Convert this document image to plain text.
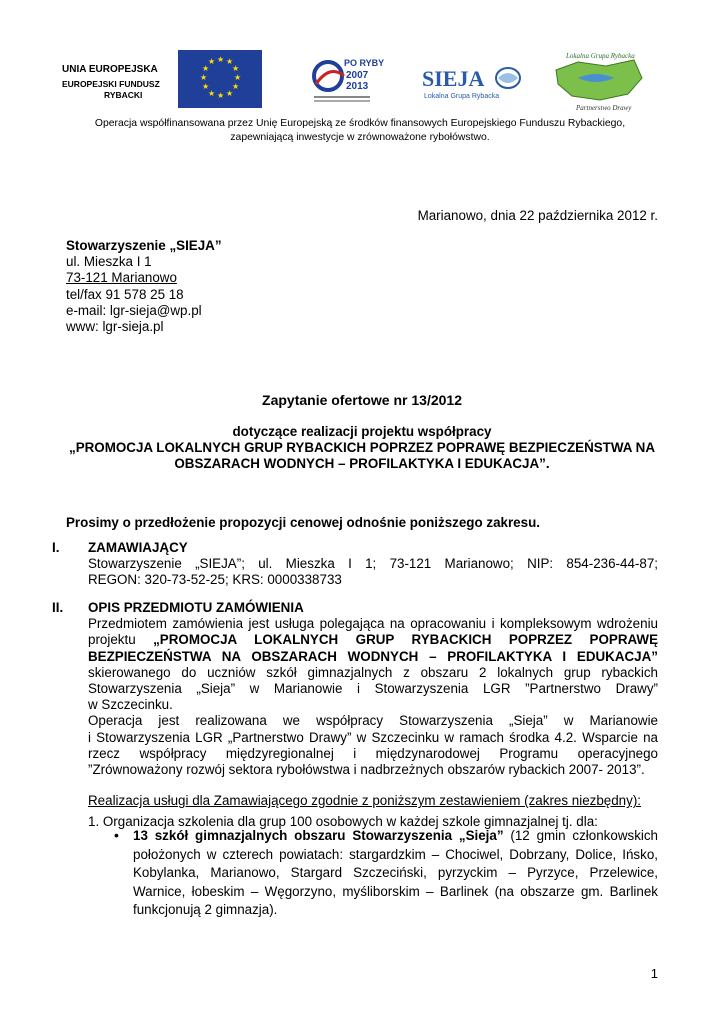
UNIA EUROPEJSKA
EUROPEJSKI FUNDUSZ
RYBACKI
★ ★
★
★
★
★
★
★
★
★
★
★	PO RYBY
2007
2013 SIEJA
Lokalna Grupa Rybacka
Lokalna Grupa Rybacka
Partnerstwo Drawy
Operacja współfinansowana przez Unię Europejską ze środków finansowych Europejskiego Funduszu Rybackiego,
zapewniającą inwestycje w zrównoważone rybołówstwo.
Marianowo, dnia 22 października 2012 r.
Stowarzyszenie „SIEJA”
ul. Mieszka I 1
73-121 Marianowo
tel/fax 91 578 25 18
e-mail: lgr-sieja@wp.pl
www: lgr-sieja.pl
Zapytanie ofertowe nr 13/2012
dotyczące realizacji projektu współpracy
„PROMOCJA LOKALNYCH GRUP RYBACKICH POPRZEZ POPRAWĘ BEZPIECZEŃSTWA NA
OBSZARACH WODNYCH – PROFILAKTYKA I EDUKACJA”.
Prosimy o przedłożenie propozycji cenowej odnośnie poniższego zakresu.
I.	ZAMAWIAJĄCY
Stowarzyszenie „SIEJA”; ul. Mieszka I 1; 73-121 Marianowo; NIP: 854-236-44-87;
REGON: 320-73-52-25; KRS: 0000338733
II.	OPIS PRZEDMIOTU ZAMÓWIENIA
Przedmiotem zamówienia jest usługa polegająca na opracowaniu i kompleksowym wdrożeniu
projektu „PROMOCJA LOKALNYCH GRUP RYBACKICH POPRZEZ POPRAWĘ
BEZPIECZEŃSTWA NA OBSZARACH WODNYCH – PROFILAKTYKA I EDUKACJA”
skierowanego do uczniów szkół gimnazjalnych z obszaru 2 lokalnych grup rybackich
Stowarzyszenia „Sieja” w Marianowie i Stowarzyszenia LGR ”Partnerstwo Drawy”
w Szczecinku.
Operacja jest realizowana we współpracy Stowarzyszenia „Sieja” w Marianowie
i Stowarzyszenia LGR „Partnerstwo Drawy” w Szczecinku w ramach środka 4.2. Wsparcie na
rzecz współpracy międzyregionalnej i międzynarodowej Programu operacyjnego
”Zrównoważony rozwój sektora rybołówstwa i nadbrzeżnych obszarów rybackich 2007- 2013”.
Realizacja usługi dla Zamawiającego zgodnie z poniższym zestawieniem (zakres niezbędny):
1. Organizacja szkolenia dla grup 100 osobowych w każdej szkole gimnazjalnej tj. dla:
•	13 szkół gimnazjalnych obszaru Stowarzyszenia „Sieja” (12 gmin członkowskich
położonych w czterech powiatach: stargardzkim – Chociwel, Dobrzany, Dolice, Ińsko,
Kobylanka, Marianowo, Stargard Szczeciński, pyrzyckim – Pyrzyce, Przelewice,
Warnice, łobeskim – Węgorzyno, myśliborskim – Barlinek (na obszarze gm. Barlinek
funkcjonują 2 gimnazja).
1
